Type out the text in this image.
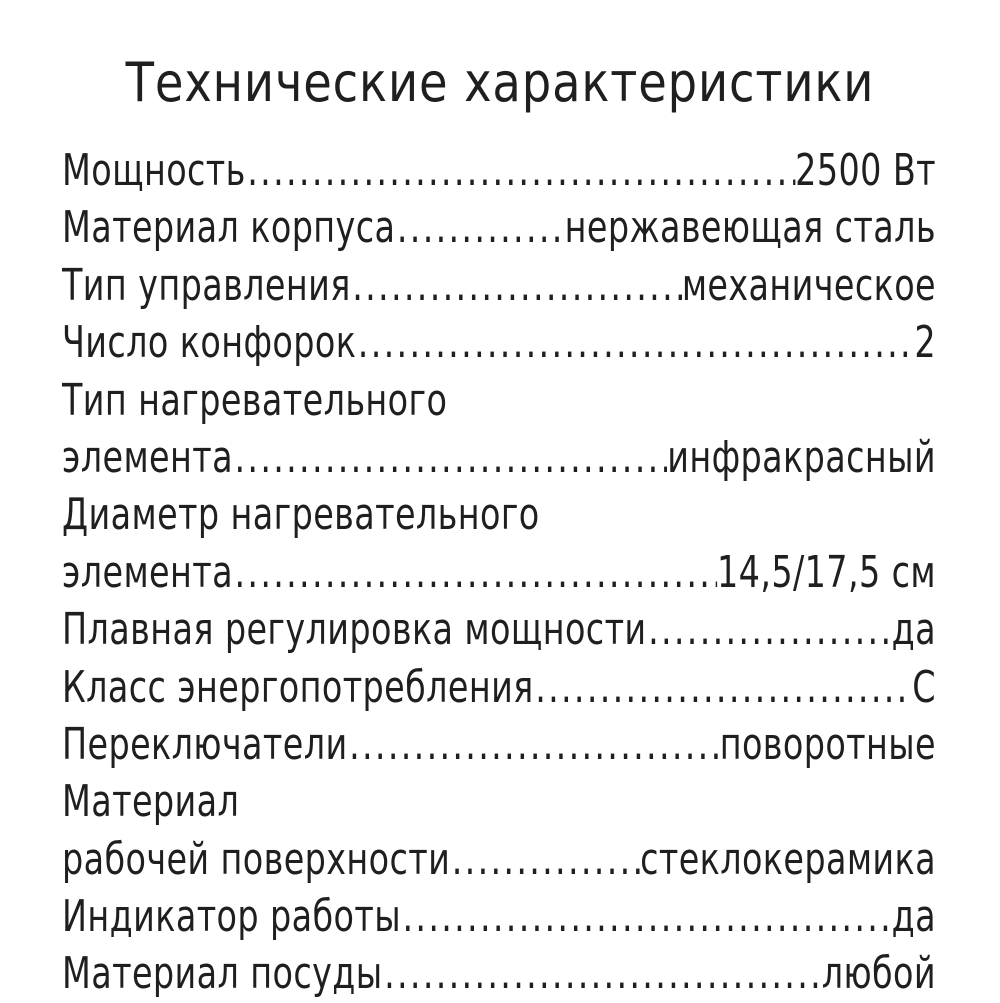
Технические характеристики
Мощность .....	2500 Вт
Материал корпуса .....	нержавеющая сталь
Тип управления .....	механическое
Число конфорок .....	2
Тип нагревательного
элемента .....	инфракрасный
Диаметр нагревательного
элемента .....	14,5/17,5 см
Плавная регулировка мощности .....	да
Класс энергопотребления .....	C
Переключатели .....	поворотные
Материал
рабочей поверхности .....	стеклокерамика
Индикатор работы .....	да
Материал посуды .....	любой
